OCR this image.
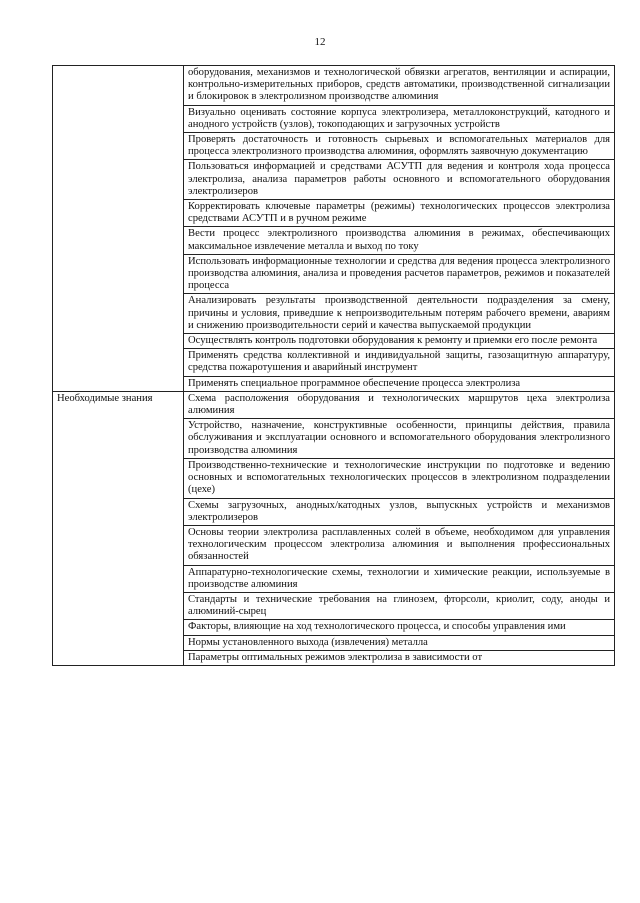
12
	оборудования, механизмов и технологической обвязки агрегатов, вентиляции и аспирации, контрольно-измерительных приборов, средств автоматики, производственной сигнализации и блокировок в электролизном производстве алюминия
	Визуально оценивать состояние корпуса электролизера, металлоконструкций, катодного и анодного устройств (узлов), токоподающих и загрузочных устройств
	Проверять достаточность и готовность сырьевых и вспомогательных материалов для процесса электролизного производства алюминия, оформлять заявочную документацию
	Пользоваться информацией и средствами АСУТП для ведения и контроля хода процесса электролиза, анализа параметров работы основного и вспомогательного оборудования электролизеров
	Корректировать ключевые параметры (режимы) технологических процессов электролиза средствами АСУТП и в ручном режиме
	Вести процесс электролизного производства алюминия в режимах, обеспечивающих максимальное извлечение металла и выход по току
	Использовать информационные технологии и средства для ведения процесса электролизного производства алюминия, анализа и проведения расчетов параметров, режимов и показателей процесса
	Анализировать результаты производственной деятельности подразделения за смену, причины и условия, приведшие к непроизводительным потерям рабочего времени, авариям и снижению производительности серий и качества выпускаемой продукции
	Осуществлять контроль подготовки оборудования к ремонту и приемки его после ремонта
	Применять средства коллективной и индивидуальной защиты, газозащитную аппаратуру, средства пожаротушения и аварийный инструмент
	Применять специальное программное обеспечение процесса электролиза
Необходимые знания	Схема расположения оборудования и технологических маршрутов цеха электролиза алюминия
	Устройство, назначение, конструктивные особенности, принципы действия, правила обслуживания и эксплуатации основного и вспомогательного оборудования электролизного производства алюминия
	Производственно-технические и технологические инструкции по подготовке и ведению основных и вспомогательных технологических процессов в электролизном подразделении (цехе)
	Схемы загрузочных, анодных/катодных узлов, выпускных устройств и механизмов электролизеров
	Основы теории электролиза расплавленных солей в объеме, необходимом для управления технологическим процессом электролиза алюминия и выполнения профессиональных обязанностей
	Аппаратурно-технологические схемы, технологии и химические реакции, используемые в производстве алюминия
	Стандарты и технические требования на глинозем, фторсоли, криолит, соду, аноды и алюминий-сырец
	Факторы, влияющие на ход технологического процесса, и способы управления ими
	Нормы установленного выхода (извлечения) металла
	Параметры оптимальных режимов электролиза в зависимости от
